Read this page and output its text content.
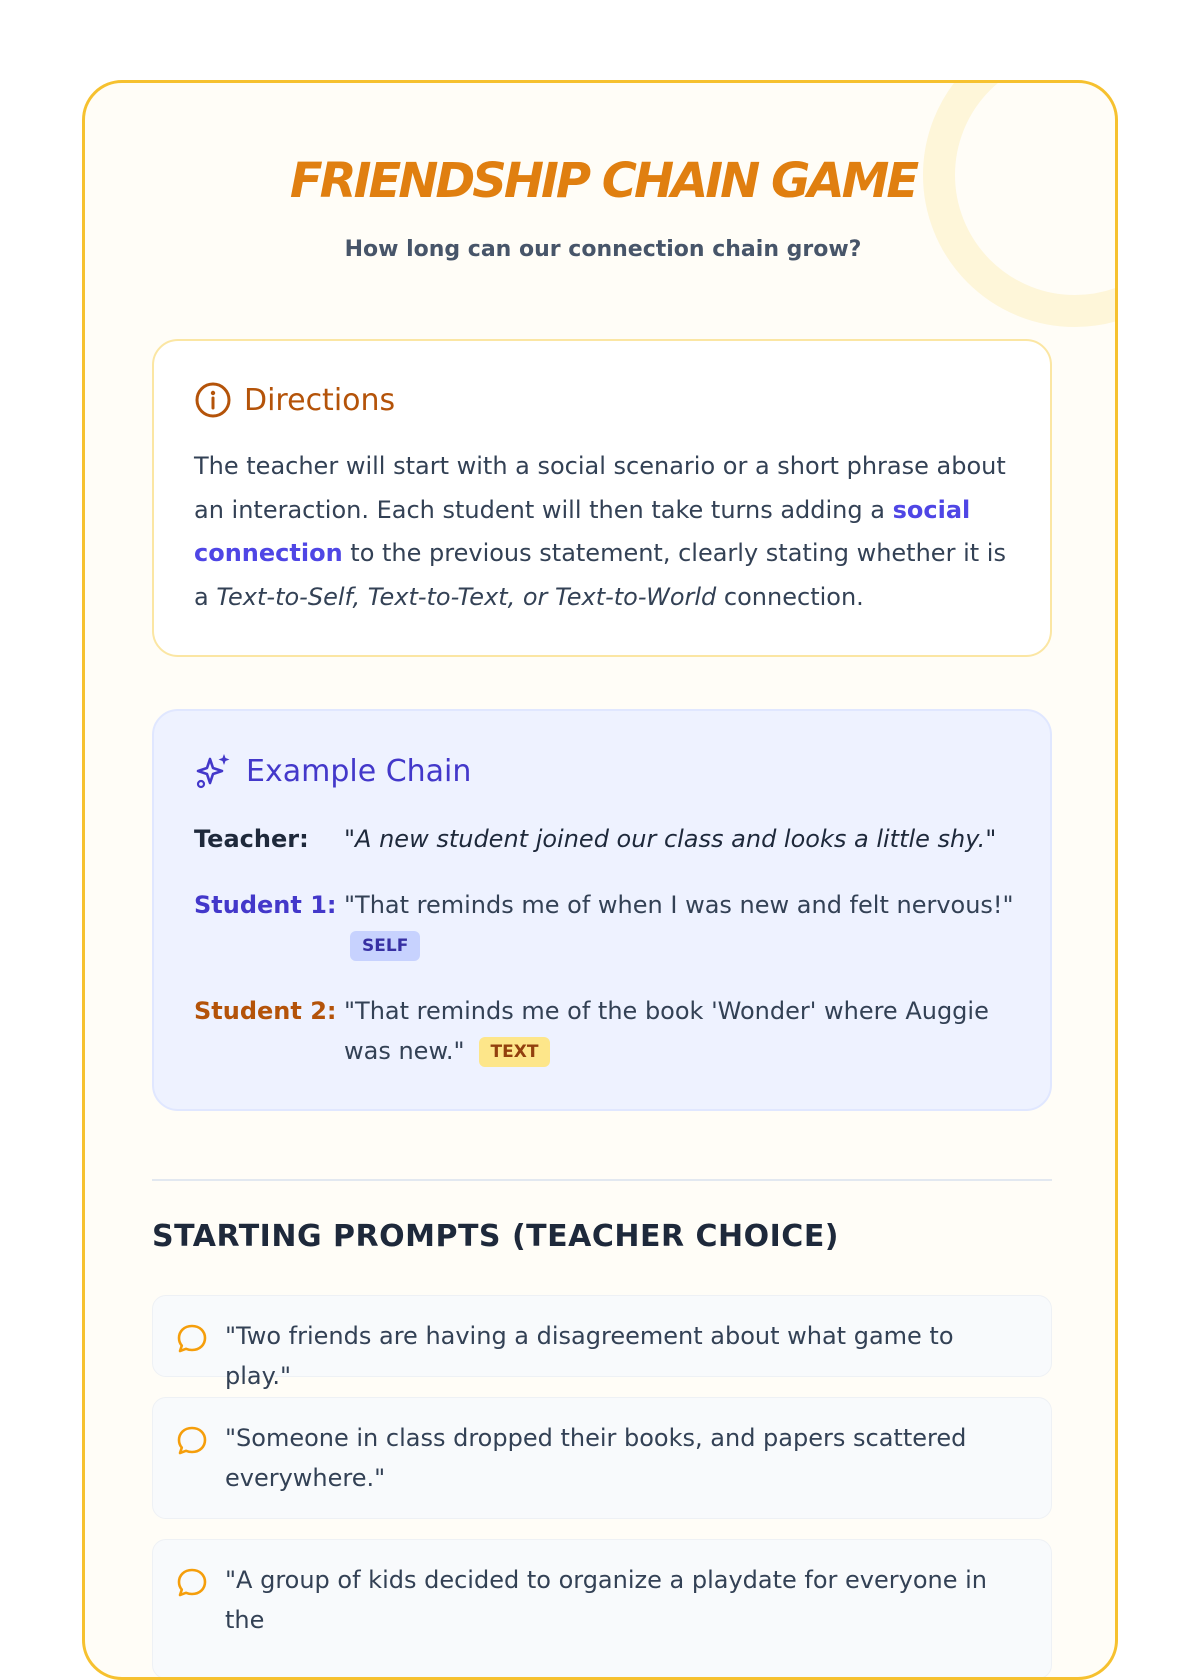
FRIENDSHIP CHAIN GAME

How long can our connection chain grow?

Directions

The teacher will start with a social scenario or a short phrase about an interaction. Each student will then take turns adding a social connection to the previous statement, clearly stating whether it is a Text-to-Self, Text-to-Text, or Text-to-World connection.

Example Chain
Teacher: "A new student joined our class and looks a little shy."
Student 1: "That reminds me of when I was new and felt nervous!"
SELF
Student 2: "That reminds me of the book 'Wonder' where Auggie was new." TEXT
STARTING PROMPTS (TEACHER CHOICE)
"Two friends are having a disagreement about what game to play."
"Someone in class dropped their books, and papers scattered everywhere."
"A group of kids decided to organize a playdate for everyone in the
